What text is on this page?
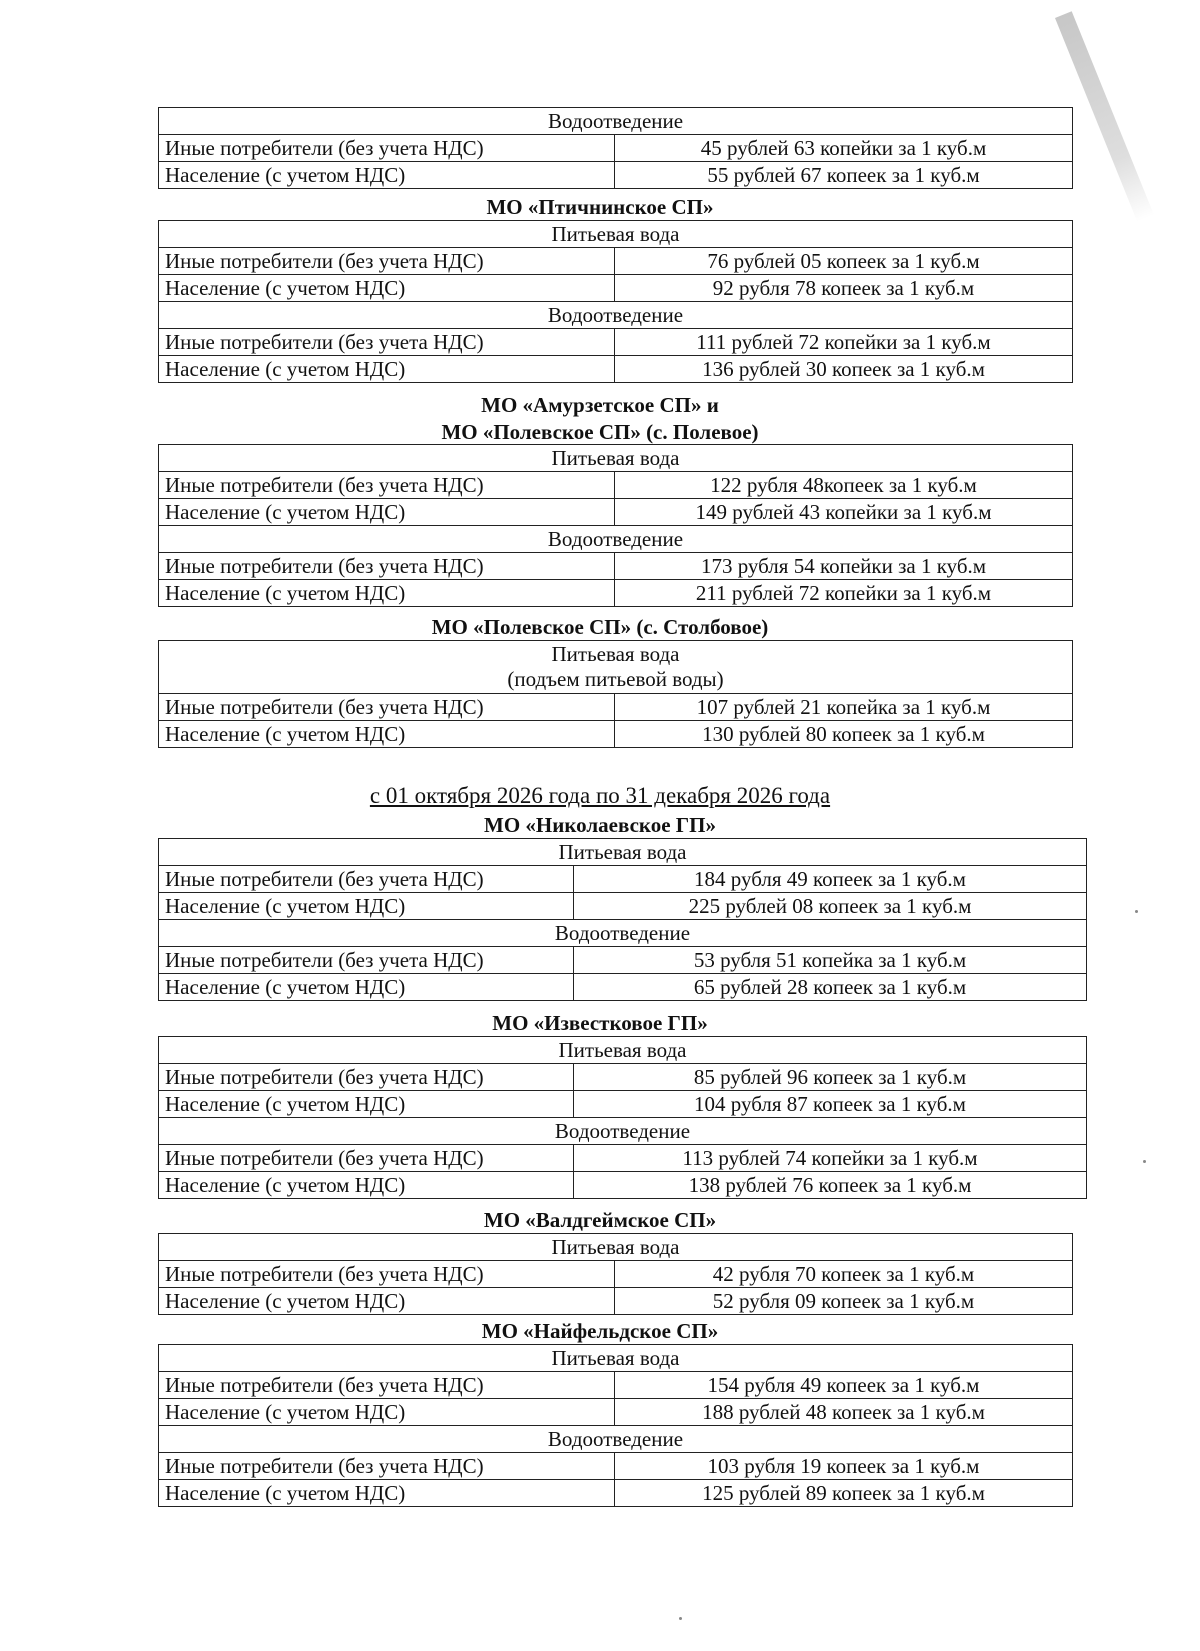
Водоотведение	
Иные потребители (без учета НДС)	45 рублей 63 копейки за 1 куб.м
Население (с учетом НДС)	55 рублей 67 копеек за 1 куб.м
МО «Птичнинское СП»
Питьевая вода	
Иные потребители (без учета НДС)	76 рублей 05 копеек за 1 куб.м
Население (с учетом НДС)	92 рубля 78 копеек за 1 куб.м
Водоотведение	
Иные потребители (без учета НДС)	111 рублей 72 копейки за 1 куб.м
Население (с учетом НДС)	136 рублей 30 копеек за 1 куб.м
МО «Амурзетское СП» и
МО «Полевское СП» (с. Полевое)
Питьевая вода	
Иные потребители (без учета НДС)	122 рубля 48копеек за 1 куб.м
Население (с учетом НДС)	149 рублей 43 копейки за 1 куб.м
Водоотведение	
Иные потребители (без учета НДС)	173 рубля 54 копейки за 1 куб.м
Население (с учетом НДС)	211 рублей 72 копейки за 1 куб.м
МО «Полевское СП» (с. Столбовое)
Питьевая вода
(подъем питьевой воды)	

Иные потребители (без учета НДС)	107 рублей 21 копейка за 1 куб.м
Население (с учетом НДС)	130 рублей 80 копеек за 1 куб.м
с 01 октября 2026 года по 31 декабря 2026 года
МО «Николаевское ГП»
Питьевая вода	
Иные потребители (без учета НДС)	184 рубля 49 копеек за 1 куб.м
Население (с учетом НДС)	225 рублей 08 копеек за 1 куб.м
Водоотведение	
Иные потребители (без учета НДС)	53 рубля 51 копейка за 1 куб.м
Население (с учетом НДС)	65 рублей 28 копеек за 1 куб.м
МО «Известковое ГП»
Питьевая вода	
Иные потребители (без учета НДС)	85 рублей 96 копеек за 1 куб.м
Население (с учетом НДС)	104 рубля 87 копеек за 1 куб.м
Водоотведение	
Иные потребители (без учета НДС)	113 рублей 74 копейки за 1 куб.м
Население (с учетом НДС)	138 рублей 76 копеек за 1 куб.м
МО «Валдгеймское СП»
Питьевая вода	
Иные потребители (без учета НДС)	42 рубля 70 копеек за 1 куб.м
Население (с учетом НДС)	52 рубля 09 копеек за 1 куб.м
МО «Найфельдское СП»
Питьевая вода	
Иные потребители (без учета НДС)	154 рубля 49 копеек за 1 куб.м
Население (с учетом НДС)	188 рублей 48 копеек за 1 куб.м
Водоотведение	
Иные потребители (без учета НДС)	103 рубля 19 копеек за 1 куб.м
Население (с учетом НДС)	125 рублей 89 копеек за 1 куб.м
